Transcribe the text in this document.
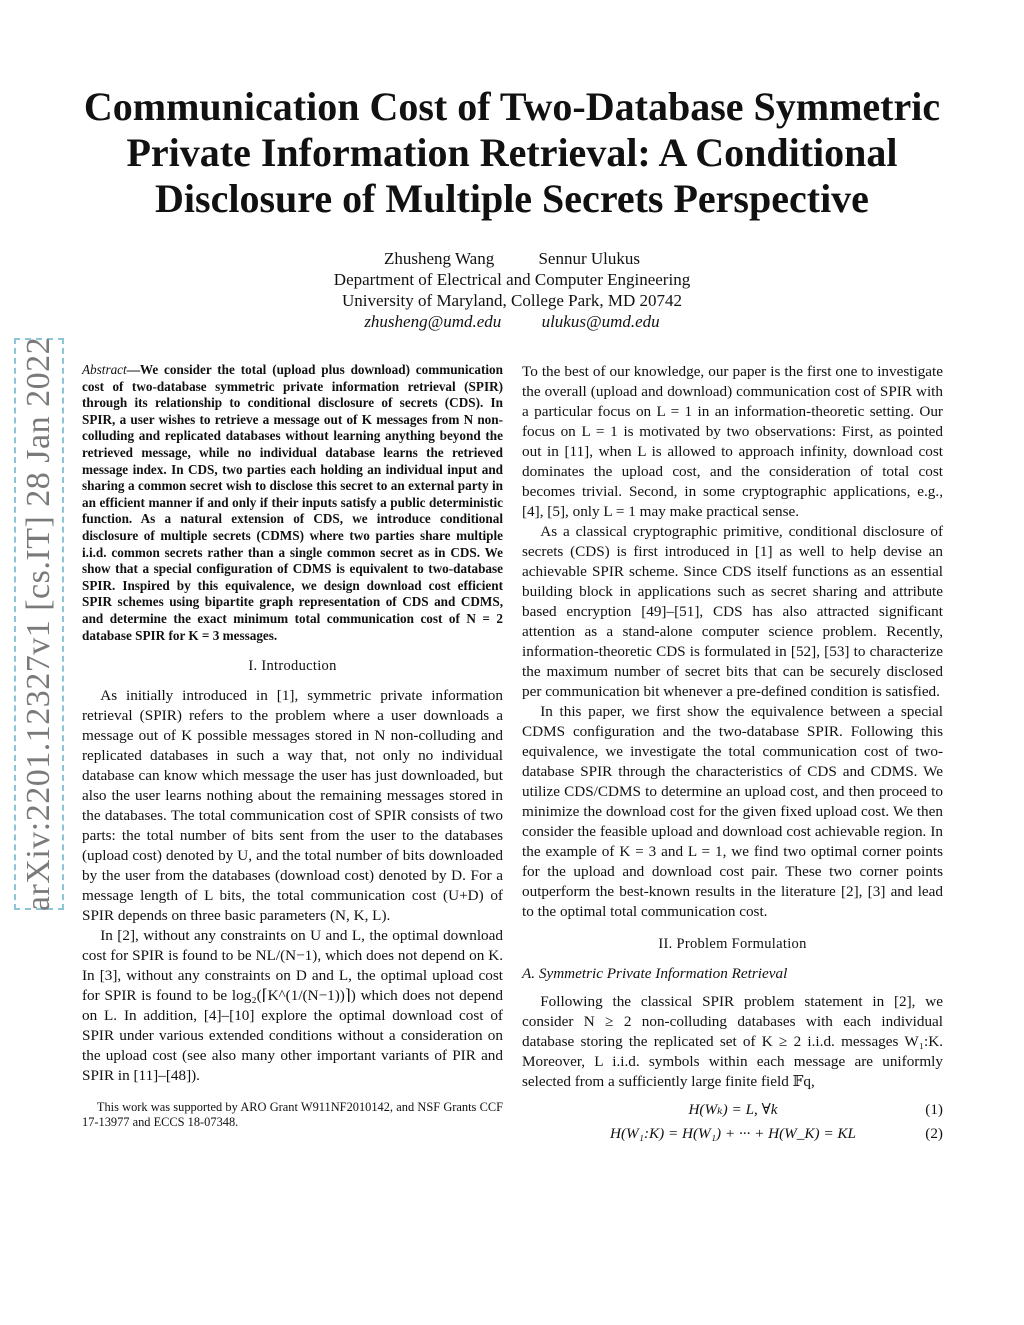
arXiv:2201.12327v1 [cs.IT] 28 Jan 2022
Communication Cost of Two-Database Symmetric Private Information Retrieval: A Conditional Disclosure of Multiple Secrets Perspective
Zhusheng Wang	Sennur Ulukus
Department of Electrical and Computer Engineering
University of Maryland, College Park, MD 20742
zhusheng@umd.edu ulukus@umd.edu

Abstract—We consider the total (upload plus download) communication cost of two-database symmetric private information retrieval (SPIR) through its relationship to conditional disclosure of secrets (CDS). In SPIR, a user wishes to retrieve a message out of K messages from N non-colluding and replicated databases without learning anything beyond the retrieved message, while no individual database learns the retrieved message index. In CDS, two parties each holding an individual input and sharing a common secret wish to disclose this secret to an external party in an efficient manner if and only if their inputs satisfy a public deterministic function. As a natural extension of CDS, we introduce conditional disclosure of multiple secrets (CDMS) where two parties share multiple i.i.d. common secrets rather than a single common secret as in CDS. We show that a special configuration of CDMS is equivalent to two-database SPIR. Inspired by this equivalence, we design download cost efficient SPIR schemes using bipartite graph representation of CDS and CDMS, and determine the exact minimum total communication cost of N = 2 database SPIR for K = 3 messages.

I. Introduction

As initially introduced in [1], symmetric private information retrieval (SPIR) refers to the problem where a user downloads a message out of K possible messages stored in N non-colluding and replicated databases in such a way that, not only no individual database can know which message the user has just downloaded, but also the user learns nothing about the remaining messages stored in the databases. The total communication cost of SPIR consists of two parts: the total number of bits sent from the user to the databases (upload cost) denoted by U, and the total number of bits downloaded by the user from the databases (download cost) denoted by D. For a message length of L bits, the total communication cost (U+D) of SPIR depends on three basic parameters (N, K, L).

In [2], without any constraints on U and L, the optimal download cost for SPIR is found to be NL/(N−1), which does not depend on K. In [3], without any constraints on D and L, the optimal upload cost for SPIR is found to be log₂(⌈K^(1/(N−1))⌉) which does not depend on L. In addition, [4]–[10] explore the optimal download cost of SPIR under various extended conditions without a consideration on the upload cost (see also many other important variants of PIR and SPIR in [11]–[48]).

This work was supported by ARO Grant W911NF2010142, and NSF Grants CCF 17-13977 and ECCS 18-07348.

To the best of our knowledge, our paper is the first one to investigate the overall (upload and download) communication cost of SPIR with a particular focus on L = 1 in an information-theoretic setting. Our focus on L = 1 is motivated by two observations: First, as pointed out in [11], when L is allowed to approach infinity, download cost dominates the upload cost, and the consideration of total cost becomes trivial. Second, in some cryptographic applications, e.g., [4], [5], only L = 1 may make practical sense.

As a classical cryptographic primitive, conditional disclosure of secrets (CDS) is first introduced in [1] as well to help devise an achievable SPIR scheme. Since CDS itself functions as an essential building block in applications such as secret sharing and attribute based encryption [49]–[51], CDS has also attracted significant attention as a stand-alone computer science problem. Recently, information-theoretic CDS is formulated in [52], [53] to characterize the maximum number of secret bits that can be securely disclosed per communication bit whenever a pre-defined condition is satisfied.

In this paper, we first show the equivalence between a special CDMS configuration and the two-database SPIR. Following this equivalence, we investigate the total communication cost of two-database SPIR through the characteristics of CDS and CDMS. We utilize CDS/CDMS to determine an upload cost, and then proceed to minimize the download cost for the given fixed upload cost. We then consider the feasible upload and download cost achievable region. In the example of K = 3 and L = 1, we find two optimal corner points for the upload and download cost pair. These two corner points outperform the best-known results in the literature [2], [3] and lead to the optimal total communication cost.

II. Problem Formulation
A. Symmetric Private Information Retrieval

Following the classical SPIR problem statement in [2], we consider N ≥ 2 non-colluding databases with each individual database storing the replicated set of K ≥ 2 i.i.d. messages W₁:K. Moreover, L i.i.d. symbols within each message are uniformly selected from a sufficiently large finite field 𝔽q,

H(Wₖ) = L, ∀k	(1)
H(W₁:K) = H(W₁) + ··· + H(W_K) = KL	(2)
